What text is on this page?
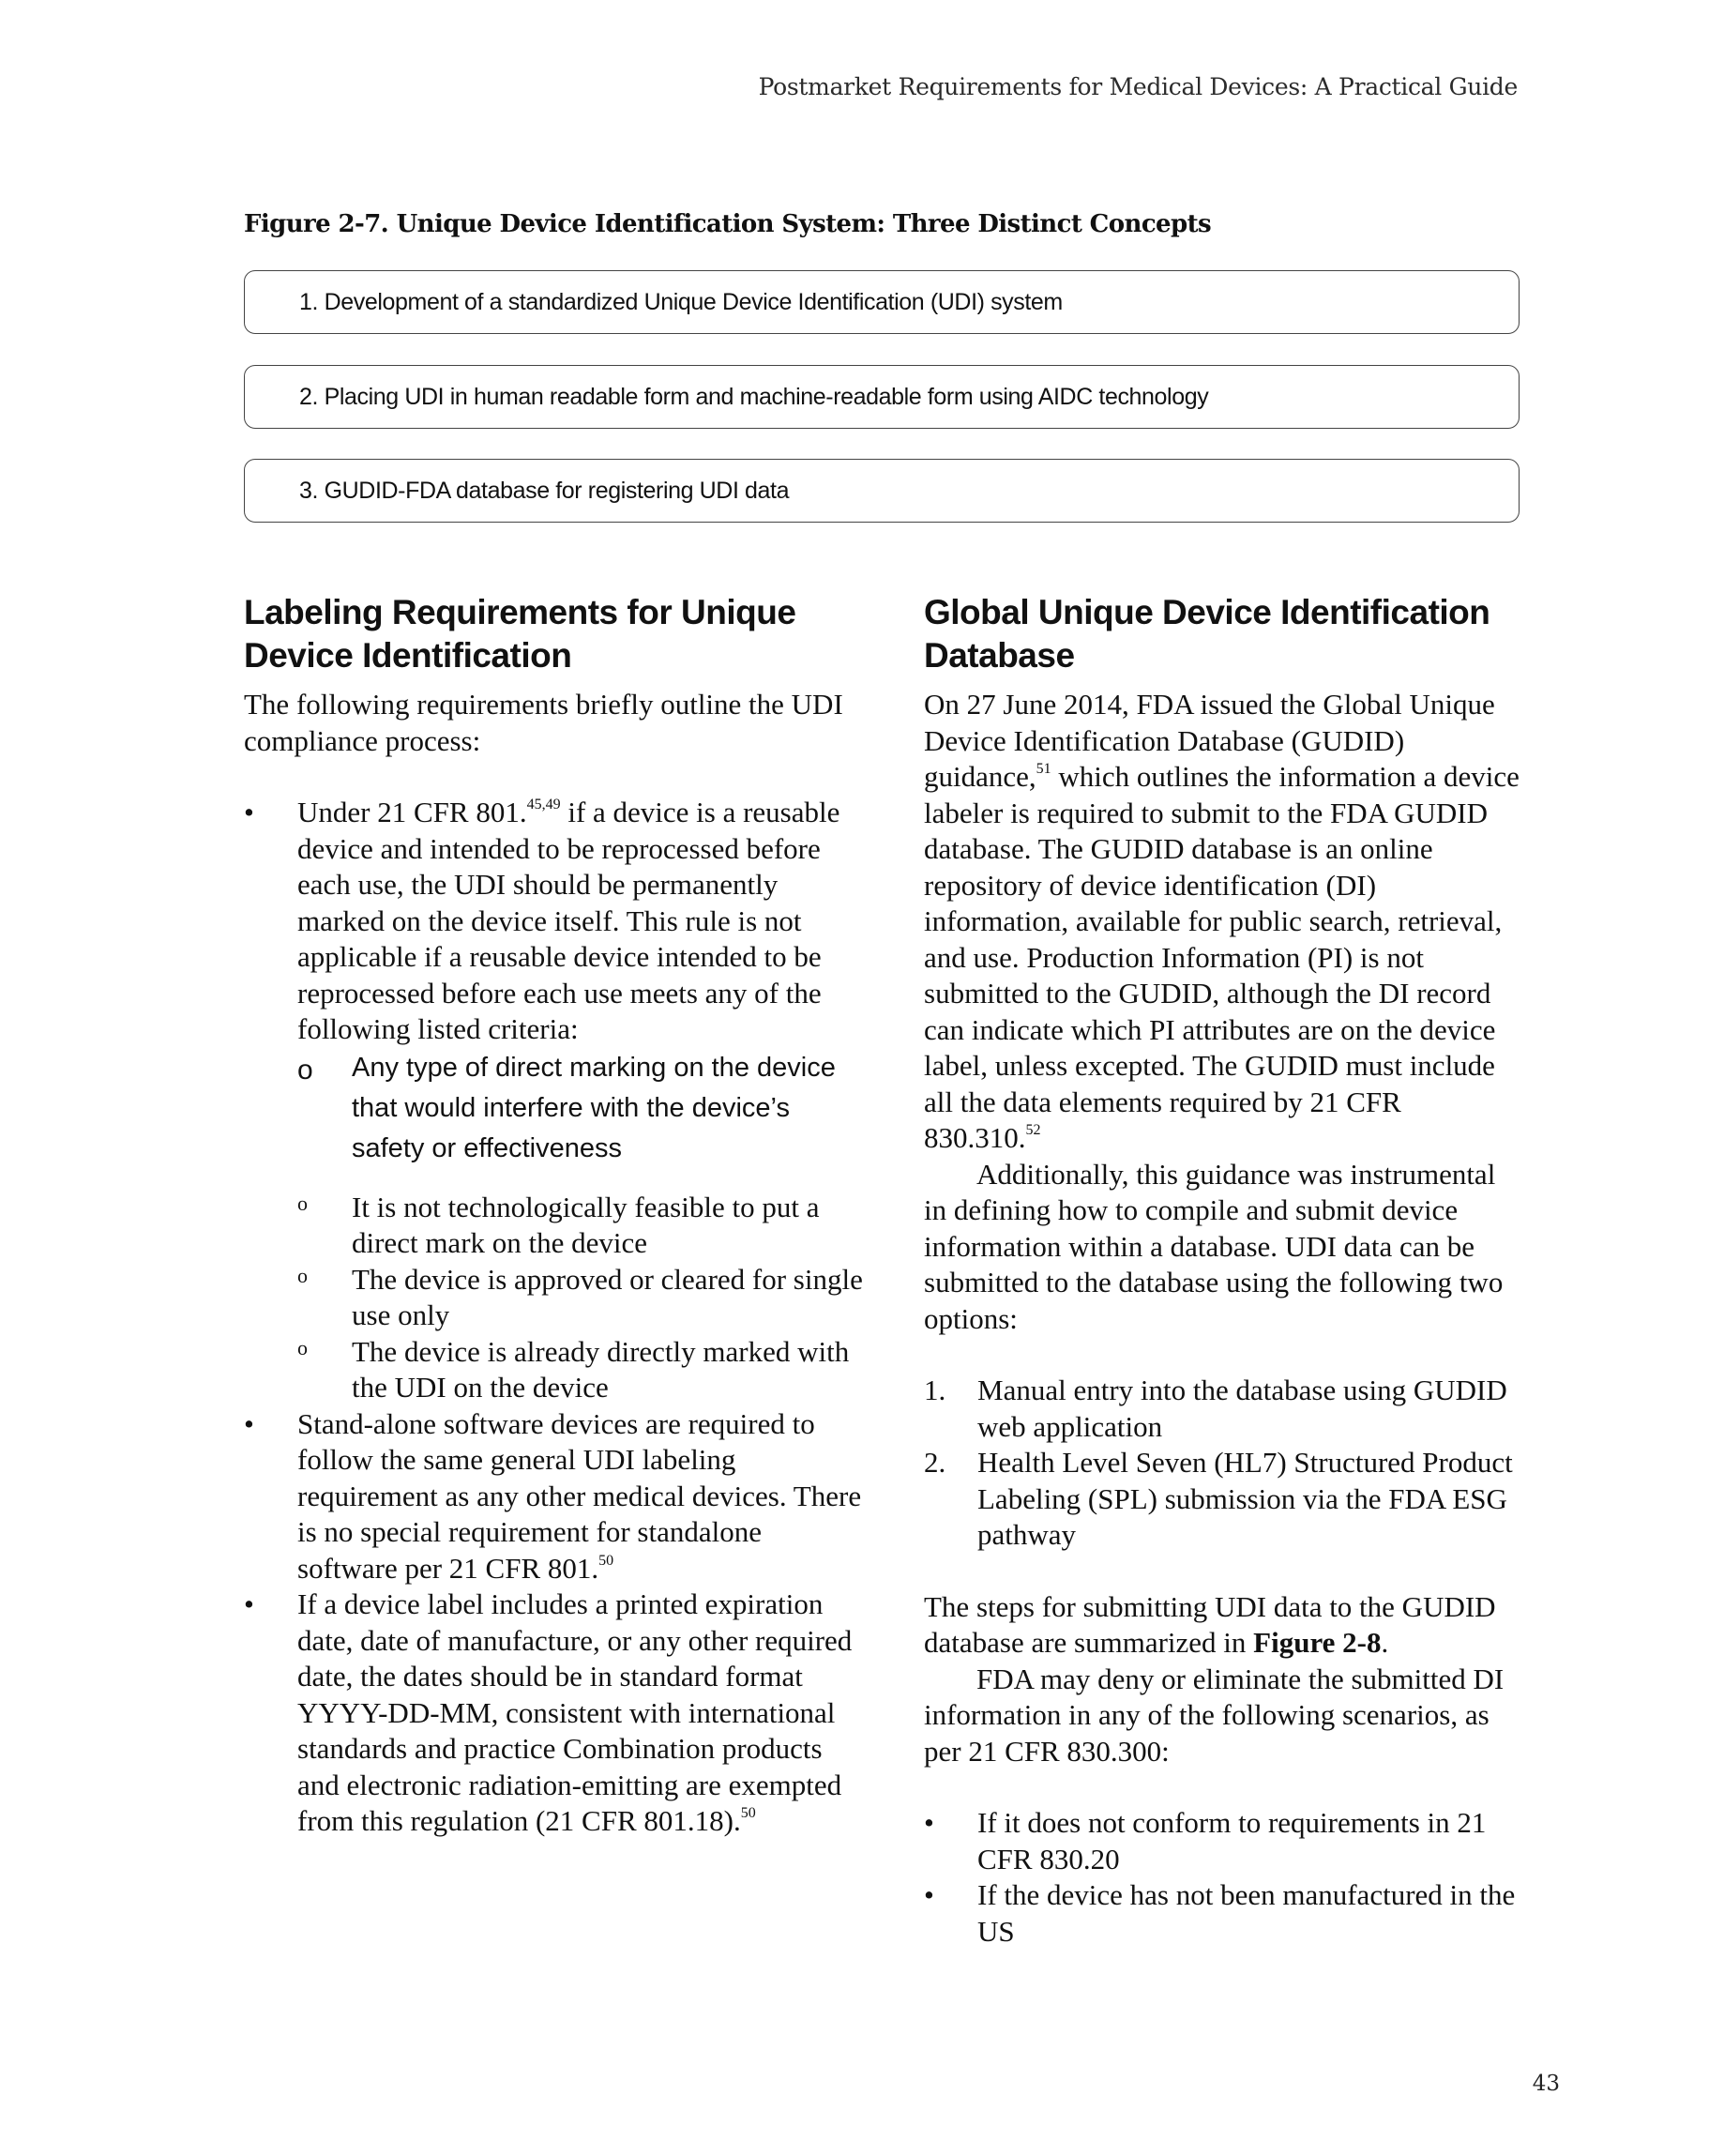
Postmarket Requirements for Medical Devices: A Practical Guide
Figure 2-7. Unique Device Identification System: Three Distinct Concepts
1. Development of a standardized Unique Device Identification (UDI) system
2. Placing UDI in human readable form and machine-readable form using AIDC technology
3. GUDID-FDA database for registering UDI data
Labeling Requirements for Unique Device Identification

The following requirements briefly outline the UDI compliance process:

• Under 21 CFR 801.$^{45,49}$ if a device is a reusable device and intended to be reprocessed before each use, the UDI should be permanently marked on the device itself. This rule is not applicable if a reusable device intended to be reprocessed before each use meets any of the following listed criteria:
o Any type of direct marking on the device that would interfere with the device’s safety or effectiveness
o It is not technologically feasible to put a direct mark on the device
o The device is approved or cleared for single use only
o The device is already directly marked with the UDI on the device
• Stand-alone software devices are required to follow the same general UDI labeling requirement as any other medical devices. There is no special requirement for standalone software per 21 CFR 801.50
• If a device label includes a printed expiration date, date of manufacture, or any other required date, the dates should be in standard format YYYY-DD-MM, consistent with international standards and practice Combination products and electronic radiation-emitting are exempted from this regulation (21 CFR 801.18).$^{50}$
Global Unique Device Identification Database

On 27 June 2014, FDA issued the Global Unique Device Identification Database (GUDID) guidance,$^{51}$ which outlines the information a device labeler is required to submit to the FDA GUDID database. The GUDID database is an online repository of device identification (DI) information, available for public search, retrieval, and use. Production Information (PI) is not submitted to the GUDID, although the DI record can indicate which PI attributes are on the device label, unless excepted. The GUDID must include all the data elements required by 21 CFR 830.310.52

Additionally, this guidance was instrumental in defining how to compile and submit device information within a database. UDI data can be submitted to the database using the following two options:

1. Manual entry into the database using GUDID web application
2. Health Level Seven (HL7) Structured Product Labeling (SPL) submission via the FDA ESG pathway

The steps for submitting UDI data to the GUDID database are summarized in Figure 2-8.

FDA may deny or eliminate the submitted DI information in any of the following scenarios, as per 21 CFR 830.300:

• If it does not conform to requirements in 21 CFR 830.20
• If the device has not been manufactured in the US
43
